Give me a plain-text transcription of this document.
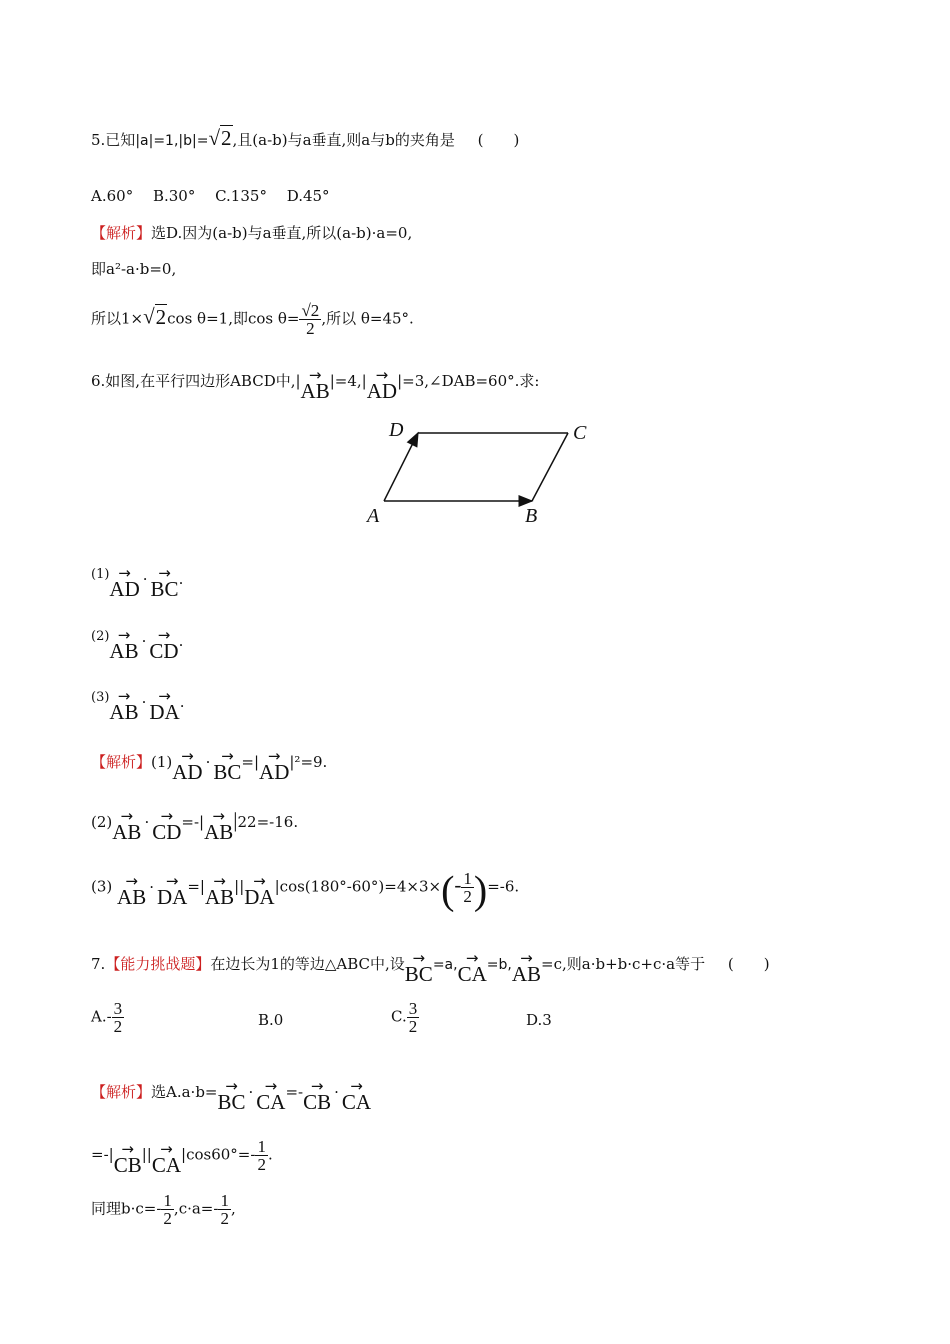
5.已知|a|=1,|b|=√2,且(a-b)与a垂直,则a与b的夹角是 (　　)
A.60°　 B.30°　 C.135°　 D.45°
【解析】选D.因为(a-b)与a垂直,所以(a-b)·a=0,
即a²-a·b=0,
所以1×√2cos θ=1,即$\cos \theta= \frac{√2}{2}$ ,所以 θ=45°.
6.如图,在平行四边形ABCD中,|→ AB|=4,|→ AD|=3,∠DAB=60°.求:
A	B
C
D
(1)→ AD · → BC.
(2)→ AB · → CD.
(3)→ AB · → DA.
【解析】(1)→ AD · → BC=|→ AD|²=9.
(2)→ AB · → CD=-|→ AB|22=-16.
(3) → AB · → $DA=|\to AB||\to DA|\cos(180^\circ-60^\circ)=4\times 3\times(- \frac{1}{2} )=-6$.
7.【能力挑战题】在边长为1的等边△ABC中,设→ BC=a,→ CA=b,→ AB=c,则a·b+b·c+c·a等于 (　　)
$A.- \frac{3}{2}$	B.0	C. $\frac{3}{2}$	D.3
【解析】选A.a·b=→ BC · → CA=-→ CB · → CA
=-|→ $CB||\to CA|\cos 60^\circ=- \frac{1}{2}$ .
同理$b\cdot c=- \frac{1}{2} ,c\cdot a=- \frac{1}{2}$ ,
